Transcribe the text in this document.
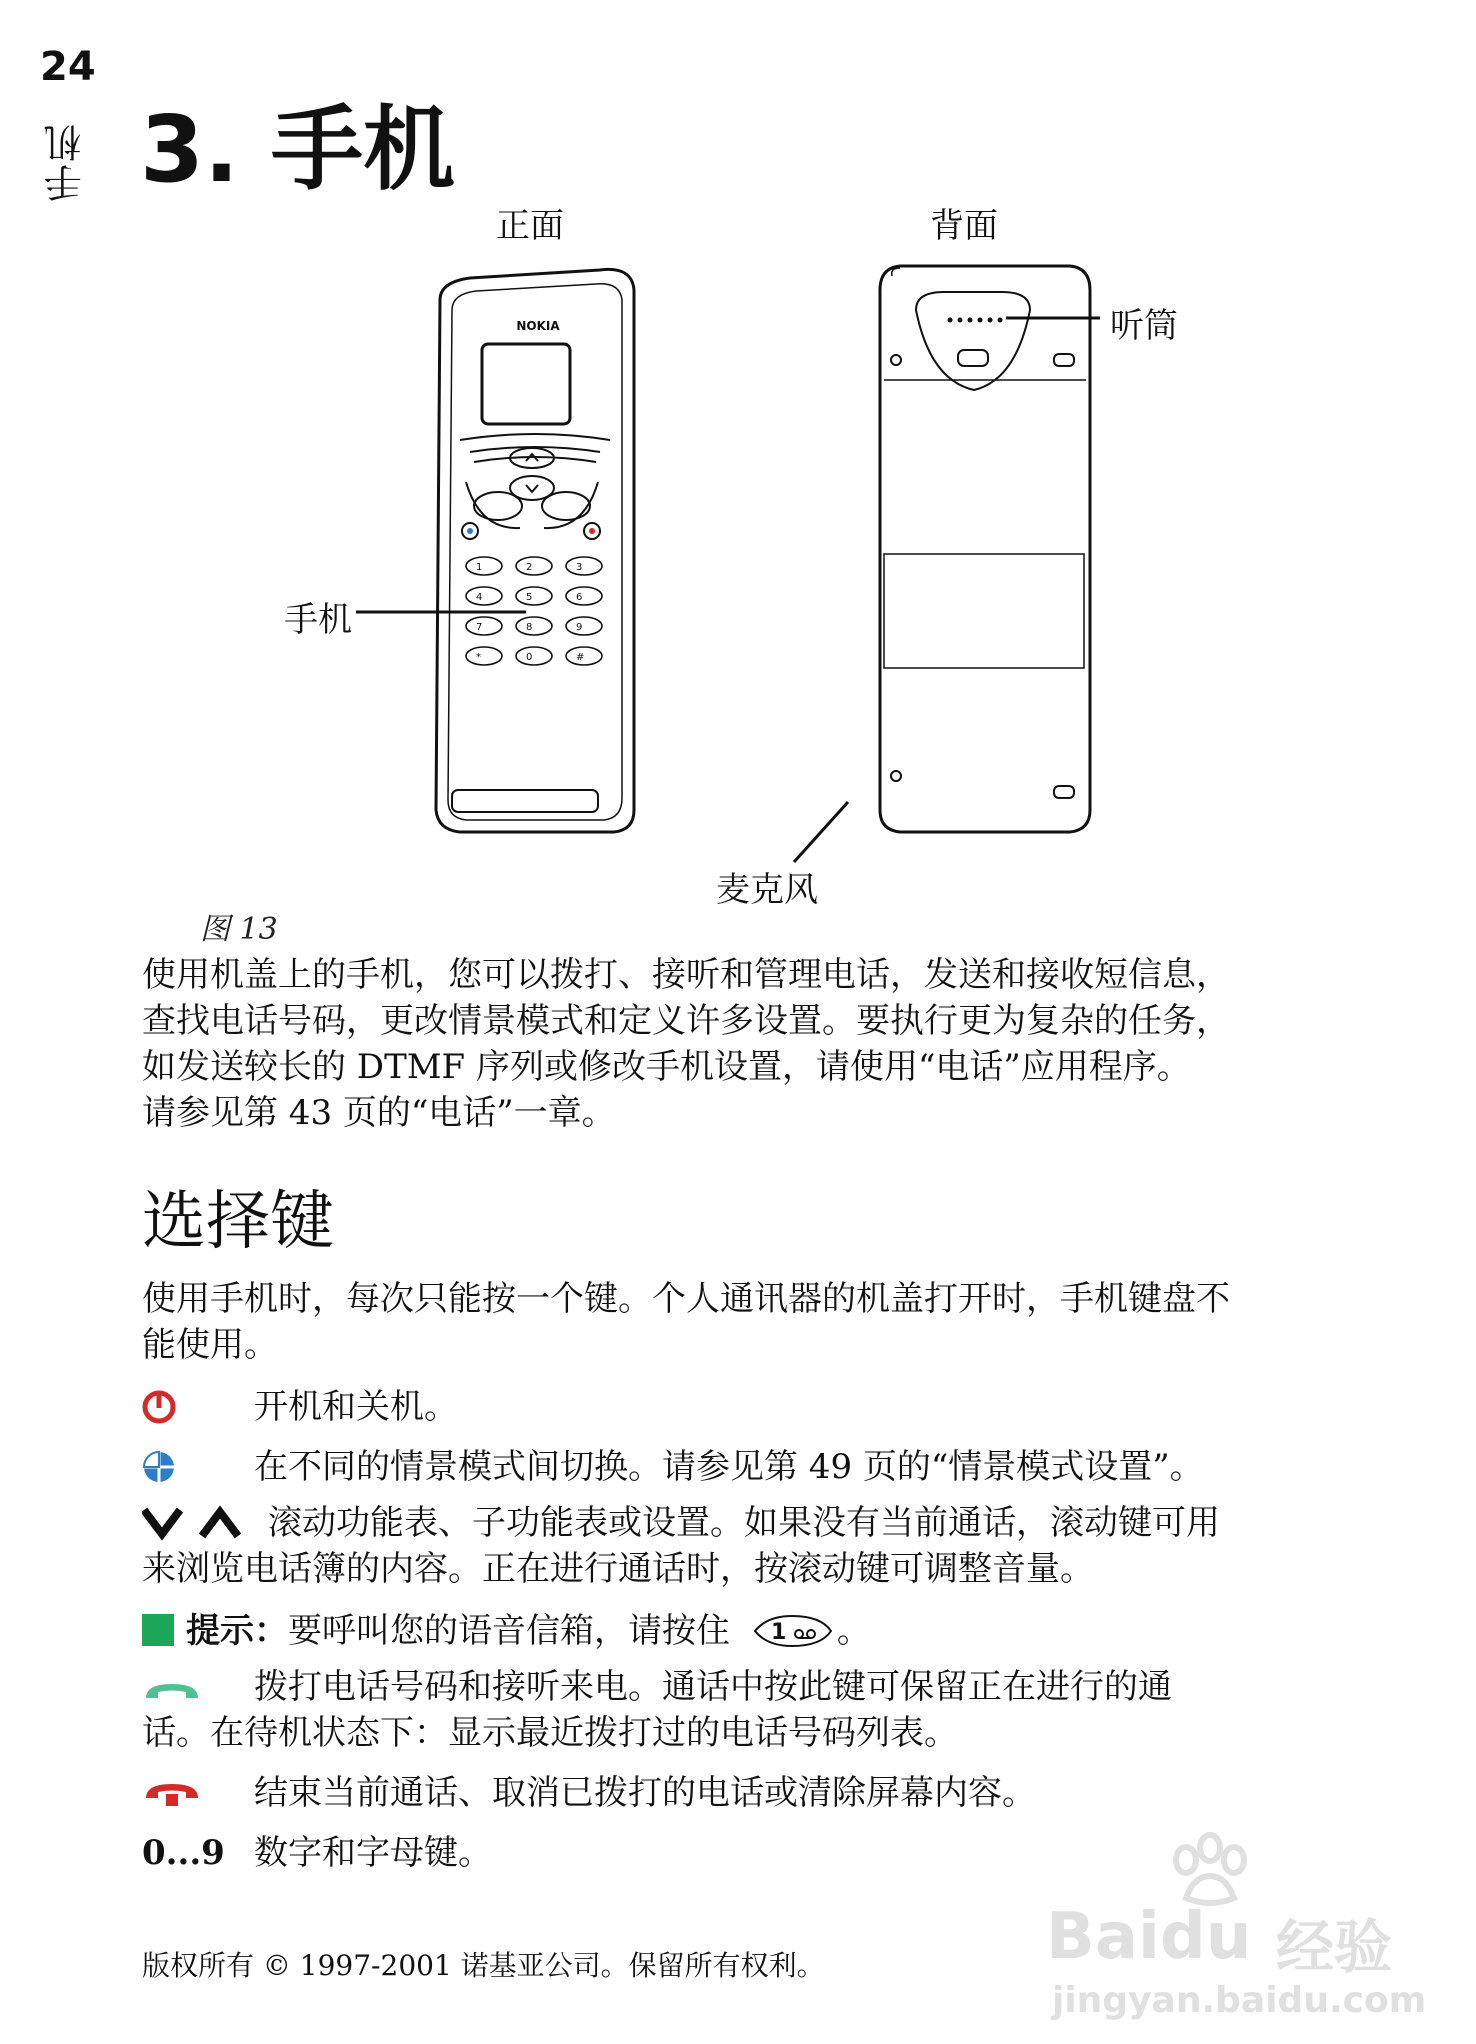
24
手机 3. 手机
正面	背面
听筒
手机
麦克风
NOKIA
1	2	3
4	5	6
7	8	9
*	0	#
图 13
使用机盖上的手机，您可以拨打、接听和管理电话，发送和接收短信息，
查找电话号码，更改情景模式和定义许多设置。要执行更为复杂的任务，
如发送较长的 DTMF 序列或修改手机设置，请使用“电话”应用程序。
请参见第 43 页的“电话”一章。
选择键
使用手机时，每次只能按一个键。个人通讯器的机盖打开时，手机键盘不
能使用。
开机和关机。
在不同的情景模式间切换。请参见第 49 页的“情景模式设置”。
滚动功能表、子功能表或设置。如果没有当前通话，滚动键可用
来浏览电话簿的内容。正在进行通话时，按滚动键可调整音量。
提示：要呼叫您的语音信箱，请按住 1 。
拨打电话号码和接听来电。通话中按此键可保留正在进行的通
话。在待机状态下：显示最近拨打过的电话号码列表。
结束当前通话、取消已拨打的电话或清除屏幕内容。
0...9 数字和字母键。
版权所有 © 1997-2001 诺基亚公司。保留所有权利。	Baidu 经验
jingyan.baidu.com
